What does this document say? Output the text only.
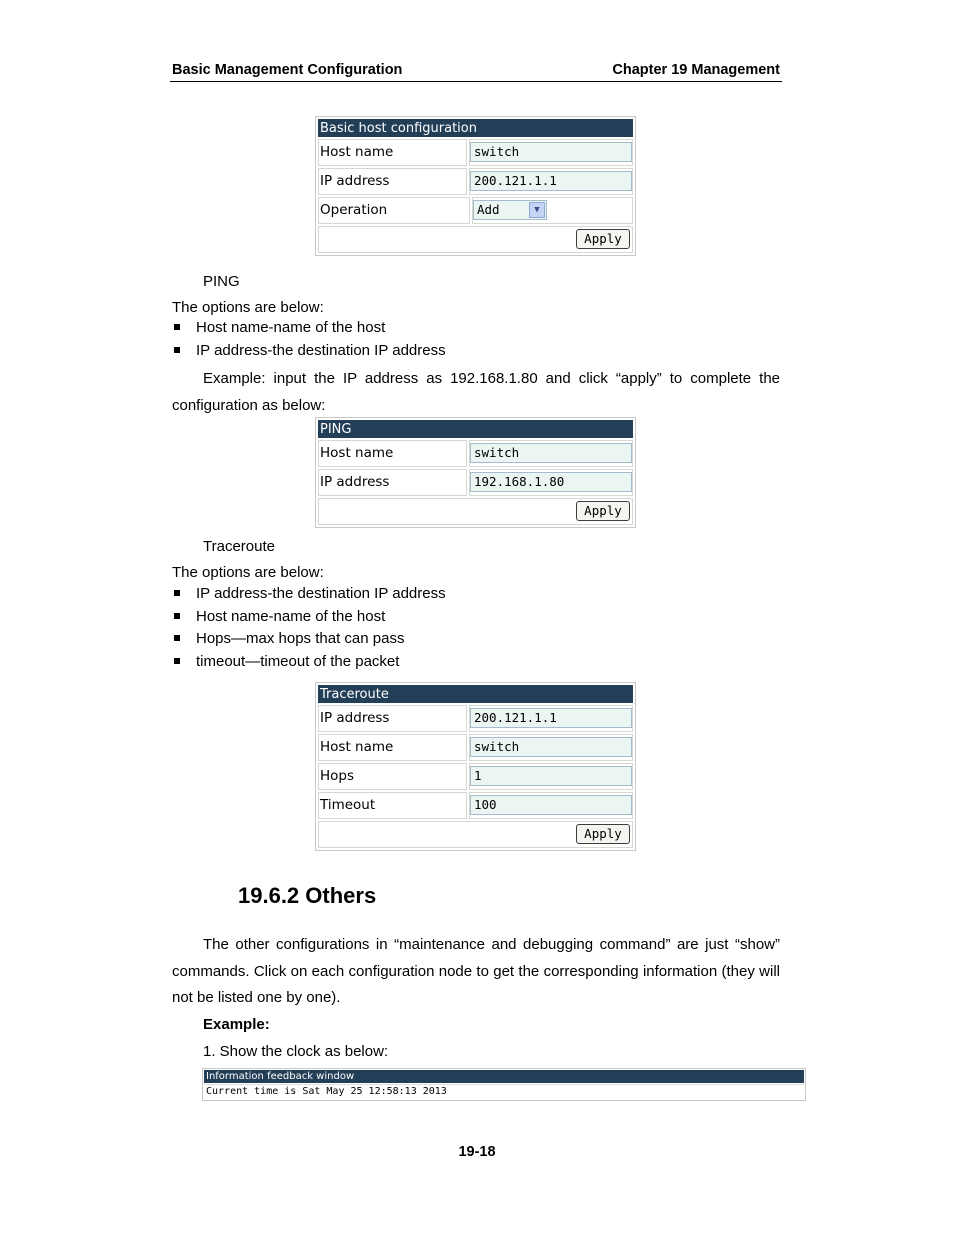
Basic Management Configuration	Chapter 19 Management
Basic host configuration
Host name	switch
IP address	200.121.1.1
Operation	Add	▼
Apply
PING
The options are below:
Host name-name of the host
IP address-the destination IP address
Example: input the IP address as 192.168.1.80 and click “apply” to complete the configuration as below:
PING
Host name	switch
IP address	192.168.1.80
Apply
Traceroute
The options are below:
IP address-the destination IP address
Host name-name of the host
Hops—max hops that can pass
timeout—timeout of the packet
Traceroute
IP address	200.121.1.1
Host name	switch
Hops	1
Timeout	100
Apply
19.6.2 Others
The other configurations in “maintenance and debugging command” are just “show” commands. Click on each configuration node to get the corresponding information (they will not be listed one by one).
Example:
1. Show the clock as below:
Information feedback window
Current time is Sat May 25 12:58:13 2013
19-18
